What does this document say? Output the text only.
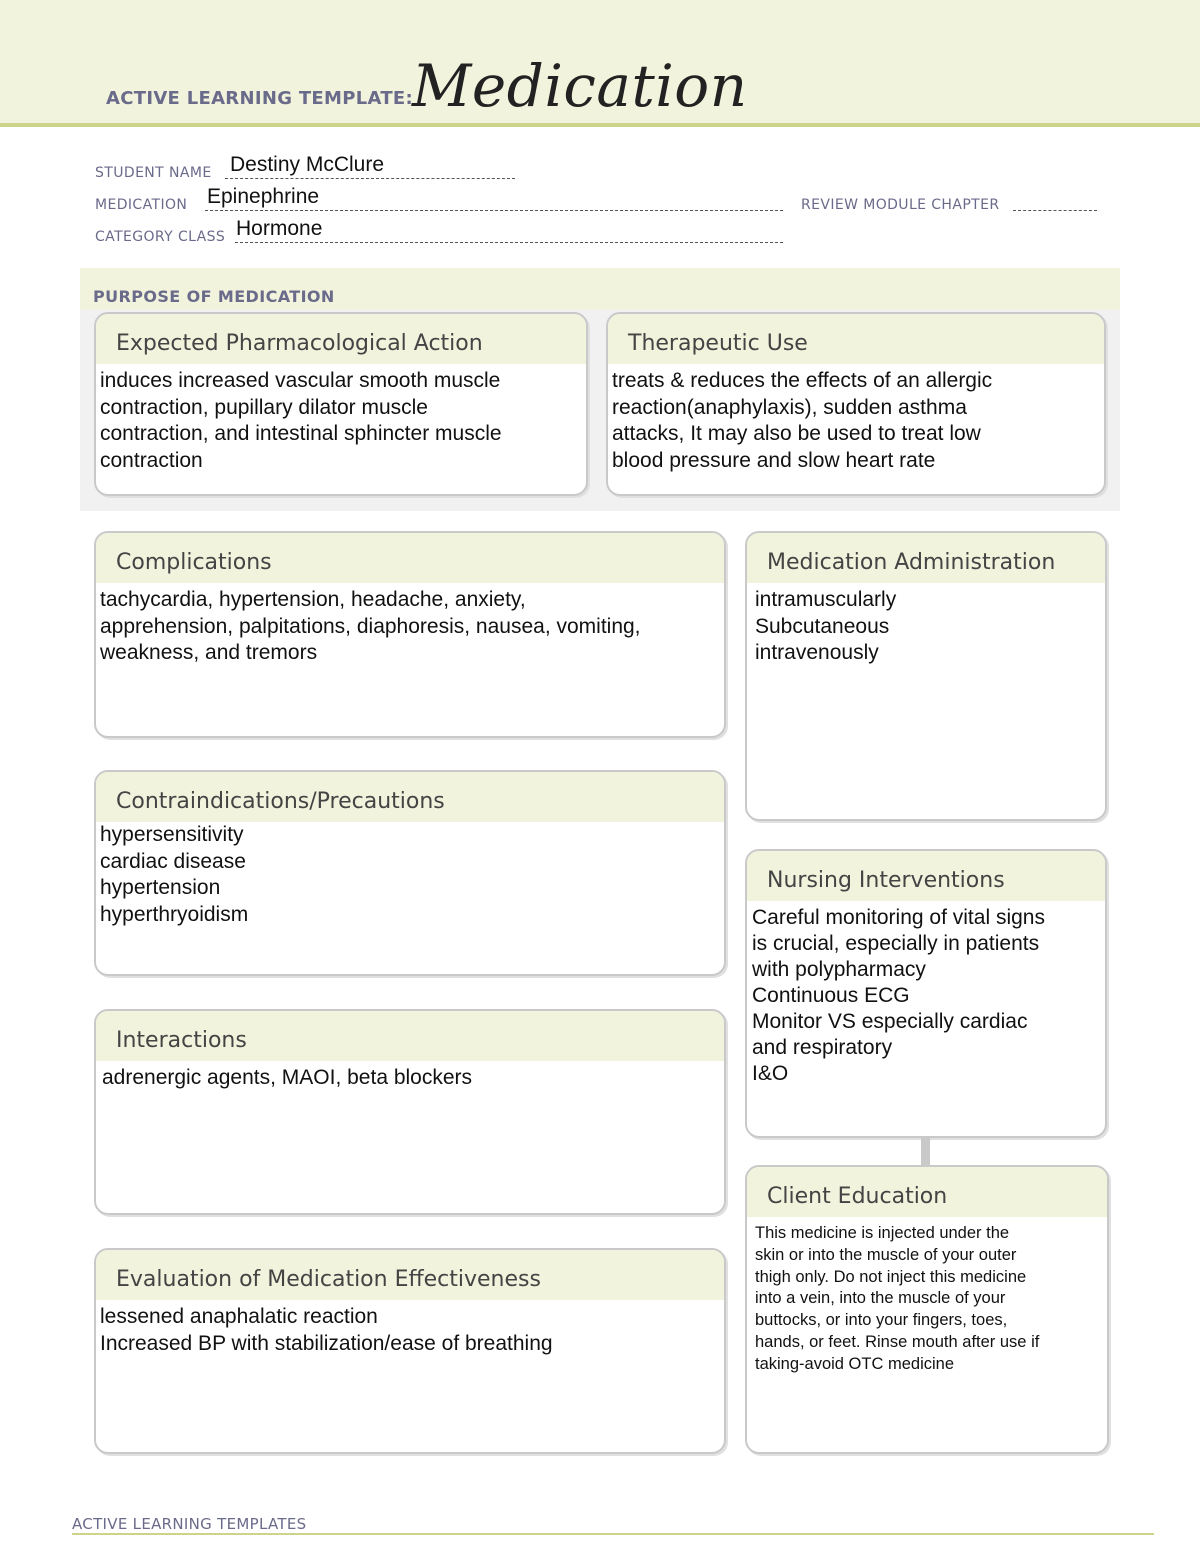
ACTIVE LEARNING TEMPLATE: Medication
STUDENT NAME Destiny McClure
MEDICATION Epinephrine	REVIEW MODULE CHAPTER
CATEGORY CLASS Hormone
PURPOSE OF MEDICATION
Expected Pharmacological Action
induces increased vascular smooth muscle
contraction, pupillary dilator muscle
contraction, and intestinal sphincter muscle
contraction
Therapeutic Use
treats & reduces the effects of an allergic
reaction(anaphylaxis), sudden asthma
attacks, It may also be used to treat low
blood pressure and slow heart rate
Complications
tachycardia, hypertension, headache, anxiety,
apprehension, palpitations, diaphoresis, nausea, vomiting,
weakness, and tremors
Medication Administration
intramuscularly
Subcutaneous
intravenously
Contraindications/Precautions
hypersensitivity
cardiac disease
hypertension
hyperthryoidism
Nursing Interventions
Careful monitoring of vital signs
is crucial, especially in patients
with polypharmacy
Continuous ECG
Monitor VS especially cardiac
and respiratory
I&O
Interactions
adrenergic agents, MAOI, beta blockers
Client Education
This medicine is injected under the
skin or into the muscle of your outer
thigh only. Do not inject this medicine
into a vein, into the muscle of your
buttocks, or into your fingers, toes,
hands, or feet. Rinse mouth after use if
taking-avoid OTC medicine
Evaluation of Medication Effectiveness
lessened anaphalatic reaction
Increased BP with stabilization/ease of breathing
ACTIVE LEARNING TEMPLATES
